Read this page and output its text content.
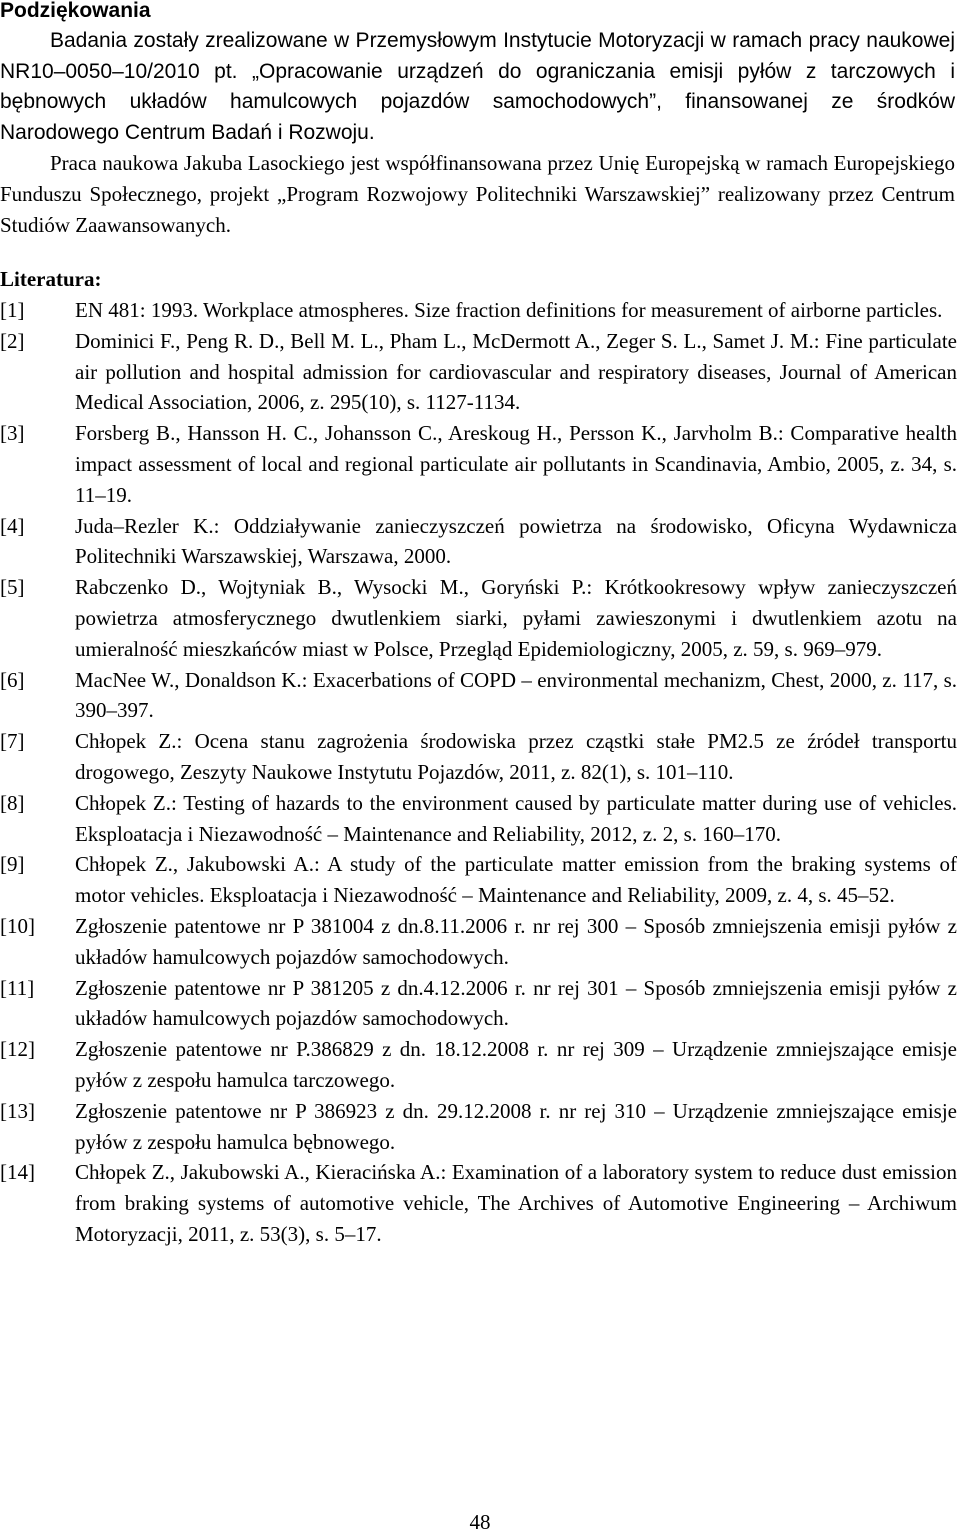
Podziękowania

Badania zostały zrealizowane w Przemysłowym Instytucie Motoryzacji w ramach pracy naukowej NR10–0050–10/2010 pt. „Opracowanie urządzeń do ograniczania emisji pyłów z tarczowych i bębnowych układów hamulcowych pojazdów samochodowych”, finansowanej ze środków Narodowego Centrum Badań i Rozwoju.

Praca naukowa Jakuba Lasockiego jest współfinansowana przez Unię Europejską w ramach Europejskiego Funduszu Społecznego, projekt „Program Rozwojowy Politechniki Warszawskiej” realizowany przez Centrum Studiów Zaawansowanych.

Literatura:
[1]	EN 481: 1993. Workplace atmospheres. Size fraction definitions for measurement of airborne particles.
[2]	Dominici F., Peng R. D., Bell M. L., Pham L., McDermott A., Zeger S. L., Samet J. M.: Fine particulate air pollution and hospital admission for cardiovascular and respiratory diseases, Journal of American Medical Association, 2006, z. 295(10), s. 1127-1134.
[3]	Forsberg B., Hansson H. C., Johansson C., Areskoug H., Persson K., Jarvholm B.: Comparative health impact assessment of local and regional particulate air pollutants in Scandinavia, Ambio, 2005, z. 34, s. 11–19.
[4]	Juda–Rezler K.: Oddziaływanie zanieczyszczeń powietrza na środowisko, Oficyna Wydawnicza Politechniki Warszawskiej, Warszawa, 2000.
[5]	Rabczenko D., Wojtyniak B., Wysocki M., Goryński P.: Krótkookresowy wpływ zanieczyszczeń powietrza atmosferycznego dwutlenkiem siarki, pyłami zawieszonymi i dwutlenkiem azotu na umieralność mieszkańców miast w Polsce, Przegląd Epidemiologiczny, 2005, z. 59, s. 969–979.
[6]	MacNee W., Donaldson K.: Exacerbations of COPD – environmental mechanizm, Chest, 2000, z. 117, s. 390–397.
[7]	Chłopek Z.: Ocena stanu zagrożenia środowiska przez cząstki stałe PM2.5 ze źródeł transportu drogowego, Zeszyty Naukowe Instytutu Pojazdów, 2011, z. 82(1), s. 101–110.
[8]	Chłopek Z.: Testing of hazards to the environment caused by particulate matter during use of vehicles. Eksploatacja i Niezawodność – Maintenance and Reliability, 2012, z. 2, s. 160–170.
[9]	Chłopek Z., Jakubowski A.: A study of the particulate matter emission from the braking systems of motor vehicles. Eksploatacja i Niezawodność – Maintenance and Reliability, 2009, z. 4, s. 45–52.
[10]	Zgłoszenie patentowe nr P 381004 z dn.8.11.2006 r. nr rej 300 – Sposób zmniejszenia emisji pyłów z układów hamulcowych pojazdów samochodowych.
[11]	Zgłoszenie patentowe nr P 381205 z dn.4.12.2006 r. nr rej 301 – Sposób zmniejszenia emisji pyłów z układów hamulcowych pojazdów samochodowych.
[12]	Zgłoszenie patentowe nr P.386829 z dn. 18.12.2008 r. nr rej 309 – Urządzenie zmniejszające emisje pyłów z zespołu hamulca tarczowego.
[13]	Zgłoszenie patentowe nr P 386923 z dn. 29.12.2008 r. nr rej 310 – Urządzenie zmniejszające emisje pyłów z zespołu hamulca bębnowego.
[14]	Chłopek Z., Jakubowski A., Kieracińska A.: Examination of a laboratory system to reduce dust emission from braking systems of automotive vehicle, The Archives of Automotive Engineering – Archiwum Motoryzacji, 2011, z. 53(3), s. 5–17.
48
